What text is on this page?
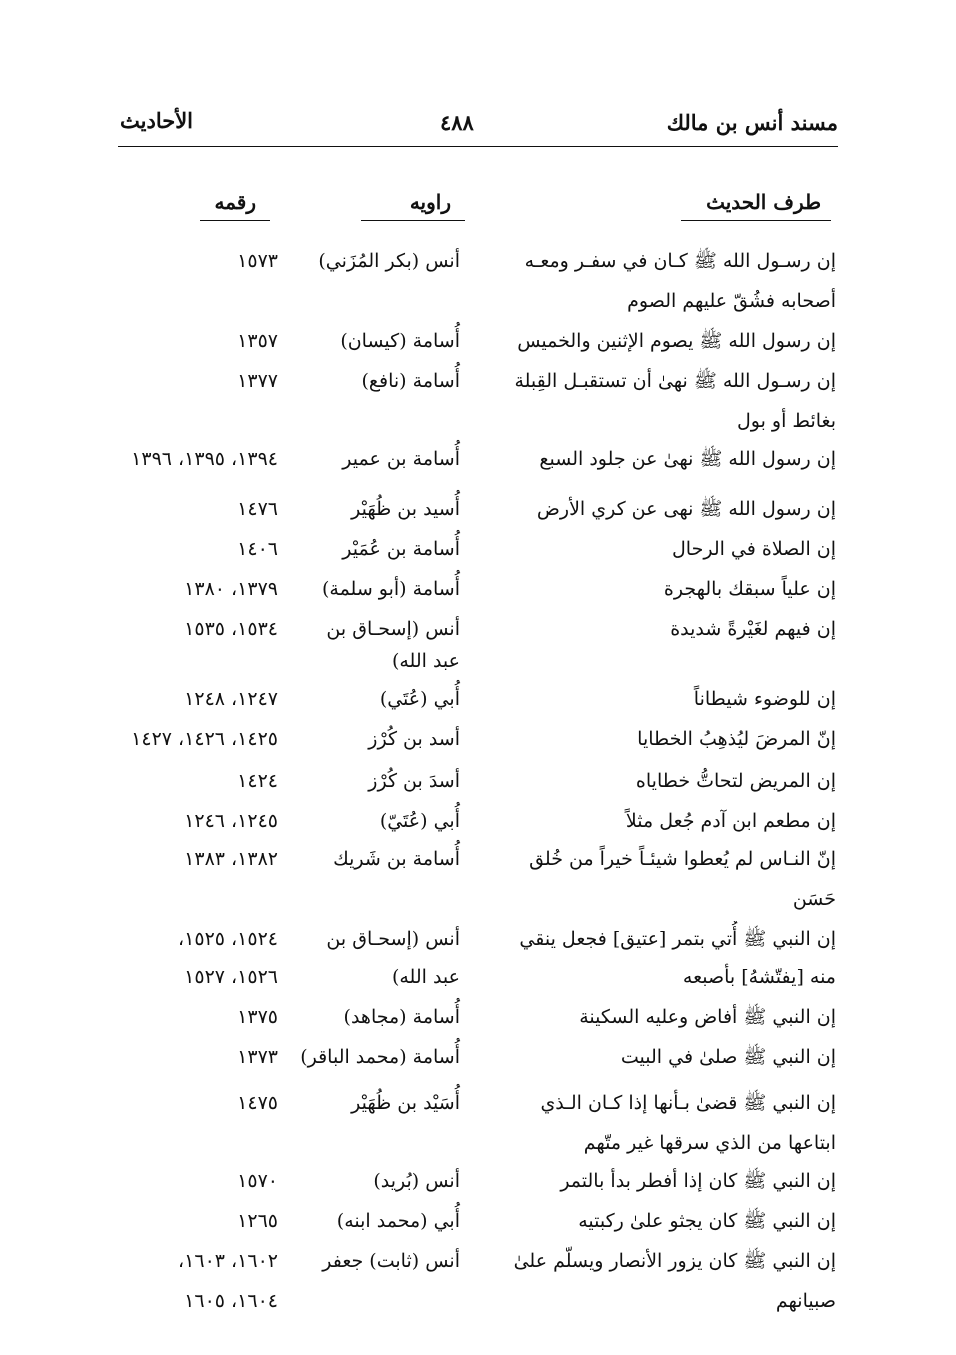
مسند أنس بن مالك
٤٨٨
الأحاديث
طرف الحديث
راويه
رقمه
إن رسـول الله ﷺ كـان في سفـر ومعـه
أنس (بكر المُزَني)
١٥٧٣
أصحابه فشُقّ عليهم الصوم
إن رسول الله ﷺ يصوم الإثنين والخميس
أُسامة (كيسان)
١٣٥٧
إن رسـول الله ﷺ نهىٰ أن تستقبـل القِبلة
أُسامة (نافع)
١٣٧٧
بغائط أو بول
إن رسول الله ﷺ نهىٰ عن جلود السبع
أُسامة بن عمير
١٣٩٤، ١٣٩٥، ١٣٩٦
إن رسول الله ﷺ نهى عن كري الأرض
أُسيد بن ظُهَيْر
١٤٧٦
إن الصلاة في الرحال
أُسامة بن عُمَيْر
١٤٠٦
إن علياً سبقك بالهجرة
أُسامة (أبو سلمة)
١٣٧٩، ١٣٨٠
إن فيهم لغَيْرةً شديدة
أنس (إسحـاق بن
١٥٣٤، ١٥٣٥
عبد الله)
إن للوضوء شيطاناً
أُبي (عُتَي)
١٢٤٧، ١٢٤٨
إنّ المرضَ ليُذهِبُ الخطايا
أسد بن كُرْز
١٤٢٥، ١٤٢٦، ١٤٢٧
إن المريض لتحاتُّ خطاياه
أسدَ بن كُرْز
١٤٢٤
إن مطعم ابن آدم جُعل مثلاً
أُبي (عُتَيّ)
١٢٤٥، ١٢٤٦
إنّ النـاس لم يُعطوا شيئـاً خيراً من خُلق
أُسامة بن شَريك
١٣٨٢، ١٣٨٣
حَسَن
إن النبي ﷺ أُتي بتمر [عتيق] فجعل ينقي
أنس (إسحـاق بن
١٥٢٤، ١٥٢٥،
منه [يفتّشهُ] بأصبعه
عبد الله)
١٥٢٦، ١٥٢٧
إن النبي ﷺ أفاض وعليه السكينة
أُسامة (مجاهد)
١٣٧٥
إن النبي ﷺ صلىٰ في البيت
أُسامة (محمد الباقر)
١٣٧٣
إن النبي ﷺ قضىٰ بـأنها إذا كـان الـذي
أُسَيْد بن ظُهَيْر
١٤٧٥
ابتاعها من الذي سرقها غير متّهم
إن النبي ﷺ كان إذا أفطر بدأ بالتمر
أنس (بُريد)
١٥٧٠
إن النبي ﷺ كان يجثو علىٰ ركبتيه
أُبي (محمد ابنه)
١٢٦٥
إن النبي ﷺ كان يزور الأنصار ويسلّم علىٰ
أنس (ثابت) جعفر
١٦٠٢، ١٦٠٣،
صبيانهم
١٦٠٤، ١٦٠٥
